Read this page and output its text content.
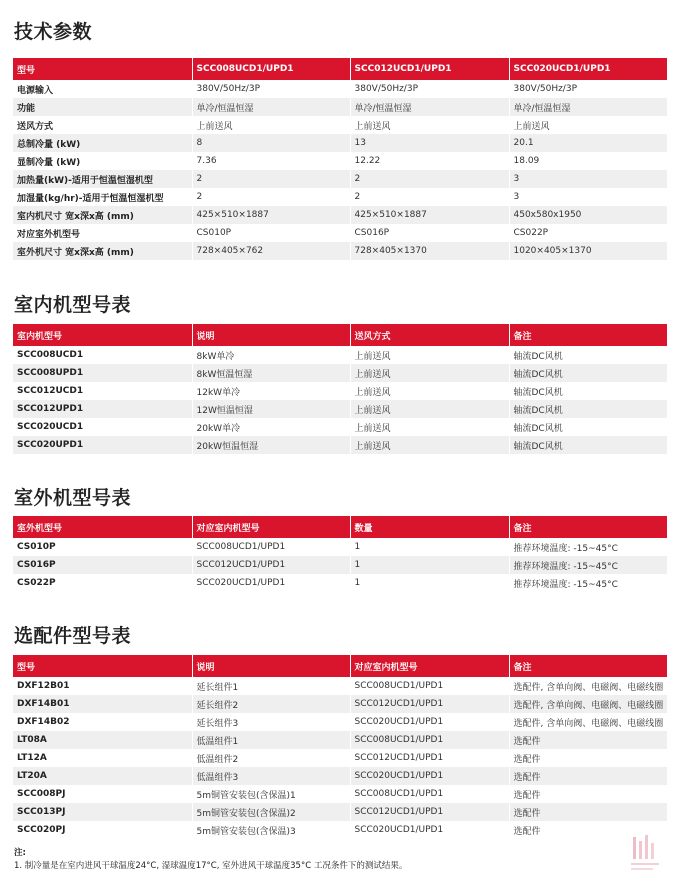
技术参数
型号	SCC008UCD1/UPD1	SCC012UCD1/UPD1	SCC020UCD1/UPD1
电源输入	380V/50Hz/3P	380V/50Hz/3P	380V/50Hz/3P
功能	单冷/恒温恒湿	单冷/恒温恒湿	单冷/恒温恒湿
送风方式	上前送风	上前送风	上前送风
总制冷量 (kW)	8	13	20.1
显制冷量 (kW)	7.36	12.22	18.09
加热量(kW)-适用于恒温恒湿机型	2	2	3
加湿量(kg/hr)-适用于恒温恒湿机型	2	2	3
室内机尺寸 宽x深x高 (mm)	425×510×1887	425×510×1887	450x580x1950
对应室外机型号	CS010P	CS016P	CS022P
室外机尺寸 宽x深x高 (mm)	728×405×762	728×405×1370	1020×405×1370
室内机型号表
室内机型号	说明	送风方式	备注
SCC008UCD1	8kW单冷	上前送风	轴流DC风机
SCC008UPD1	8kW恒温恒湿	上前送风	轴流DC风机
SCC012UCD1	12kW单冷	上前送风	轴流DC风机
SCC012UPD1	12W恒温恒湿	上前送风	轴流DC风机
SCC020UCD1	20kW单冷	上前送风	轴流DC风机
SCC020UPD1	20kW恒温恒湿	上前送风	轴流DC风机
室外机型号表
室外机型号	对应室内机型号	数量	备注
CS010P	SCC008UCD1/UPD1	1	推荐环境温度: -15~45°C
CS016P	SCC012UCD1/UPD1	1	推荐环境温度: -15~45°C
CS022P	SCC020UCD1/UPD1	1	推荐环境温度: -15~45°C
选配件型号表
型号	说明	对应室内机型号	备注
DXF12B01	延长组件1	SCC008UCD1/UPD1	选配件, 含单向阀、电磁阀、电磁线圈
DXF14B01	延长组件2	SCC012UCD1/UPD1	选配件, 含单向阀、电磁阀、电磁线圈
DXF14B02	延长组件3	SCC020UCD1/UPD1	选配件, 含单向阀、电磁阀、电磁线圈
LT08A	低温组件1	SCC008UCD1/UPD1	选配件
LT12A	低温组件2	SCC012UCD1/UPD1	选配件
LT20A	低温组件3	SCC020UCD1/UPD1	选配件
SCC008PJ	5m铜管安装包(含保温)1	SCC008UCD1/UPD1	选配件
SCC013PJ	5m铜管安装包(含保温)2	SCC012UCD1/UPD1	选配件
SCC020PJ	5m铜管安装包(含保温)3	SCC020UCD1/UPD1	选配件
注:
1. 制冷量是在室内进风干球温度24°C, 湿球温度17°C, 室外进风干球温度35°C 工况条件下的测试结果。
